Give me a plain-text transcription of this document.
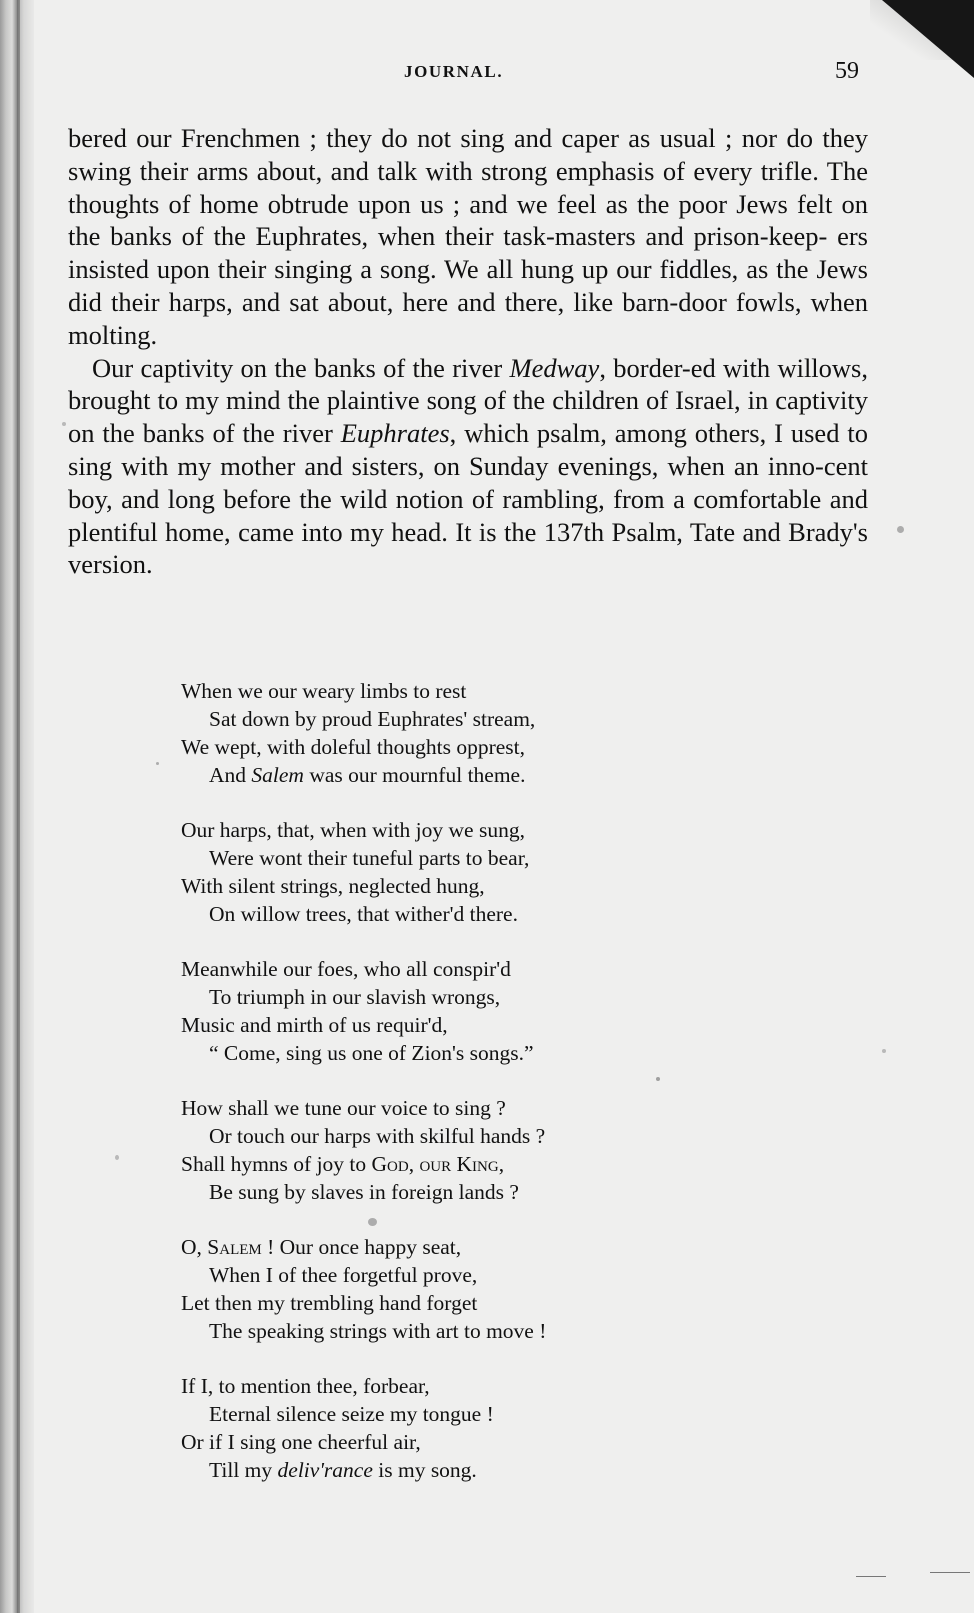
JOURNAL.	59

bered our Frenchmen ; they do not sing and caper as usual ; nor do they swing their arms about, and talk with strong emphasis of every trifle. The thoughts of home obtrude upon us ; and we feel as the poor Jews felt on the banks of the Euphrates, when their task-masters and prison-keep- ers insisted upon their singing a song. We all hung up our fiddles, as the Jews did their harps, and sat about, here and there, like barn-door fowls, when molting.

Our captivity on the banks of the river Medway, border-ed with willows, brought to my mind the plaintive song of the children of Israel, in captivity on the banks of the river Euphrates, which psalm, among others, I used to sing with my mother and sisters, on Sunday evenings, when an inno-cent boy, and long before the wild notion of rambling, from a comfortable and plentiful home, came into my head. It is the 137th Psalm, Tate and Brady's version.

When we our weary limbs to rest
Sat down by proud Euphrates' stream,
We wept, with doleful thoughts opprest,
And Salem was our mournful theme.
Our harps, that, when with joy we sung,
Were wont their tuneful parts to bear,
With silent strings, neglected hung,
On willow trees, that wither'd there.
Meanwhile our foes, who all conspir'd
To triumph in our slavish wrongs,
Music and mirth of us requir'd,
“ Come, sing us one of Zion's songs.”
How shall we tune our voice to sing ?
Or touch our harps with skilful hands ?
Shall hymns of joy to God, our King,
Be sung by slaves in foreign lands ?
O, Salem ! Our once happy seat,
When I of thee forgetful prove,
Let then my trembling hand forget
The speaking strings with art to move !
If I, to mention thee, forbear,
Eternal silence seize my tongue !
Or if I sing one cheerful air,
Till my deliv'rance is my song.
